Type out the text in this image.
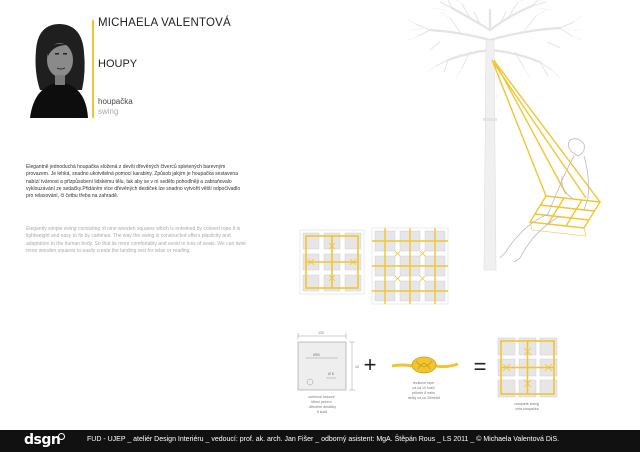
MICHAELA VALENTOVÁ
HOUPY
houpačka
swing

Elegantně jednoduchá houpačka složená z devíti dřevěných čtverců spletených barevným provazem. Je lehká, snadno ukotvitelná pomocí karabiny. Způsob jakým je houpačka sestavena nabízí tvárnost a přizpůsobení lidskému tělu, tak aby se v ní sedělo pohodlněji a zabraňovalo vyklouzávání ze sedačky.Přidáním více dřevěných destiček lze snadno vytvořit větší odpočívadlo pro relaxování, či četbu třeba na zahradě.

Elegantly simple swing consisting of nine wooden squares which is entwined by colored rope.It is lightweight and easy to fix by carbines. The way the swing is constructed offers plasticity and adaptation to the human body. So that its more comfortably and avoid to loss of seats..We can twist more wooden squares to easily create the landing rest for relax or reading.

120
Ø50
10
Ø 8
smrkové bukové tělesí pečení - dřevěné destičky 9 kusů
+
rezikové rope ca ca 10 kusů průměr 8 nebo délky ca ca 30metrů
=
complete swing celá houpačka
dsgn	FUD - UJEP _ ateliér Design Interiéru _ vedoucí: prof. ak. arch. Jan Fišer _ odborný asistent: MgA. Štěpán Rous _ LS 2011 _ © Michaela Valentová DiS.
